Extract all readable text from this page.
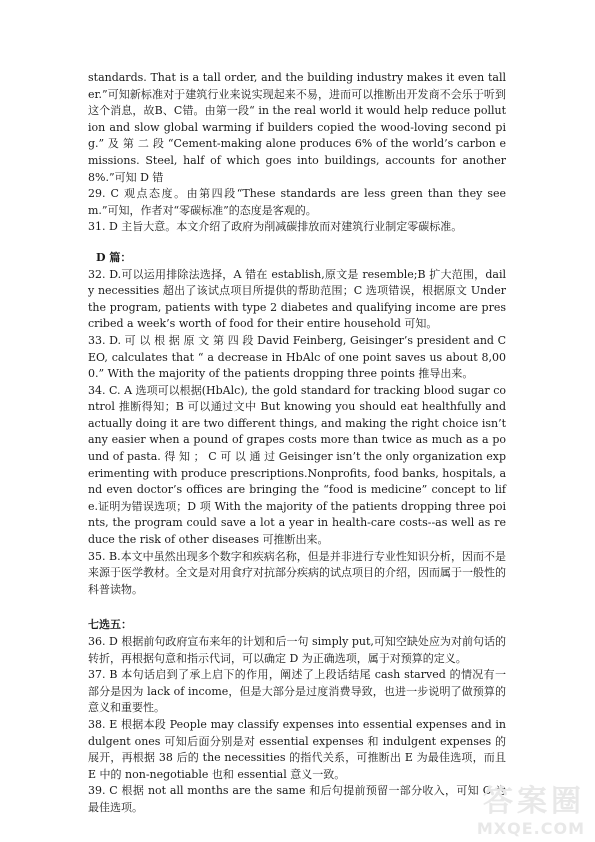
standards. That is a tall order, and the building industry makes it even taller.”可知新标准对于建筑行业来说实现起来不易，进而可以推断出开发商不会乐于听到这个消息，故B、C错。由第一段“ in the real world it would help reduce pollution and slow global warming if builders copied the wood-loving second pig.” 及 第 二 段 “Cement-making alone produces 6% of the world’s carbon emissions. Steel, half of which goes into buildings, accounts for another 8%.”可知 D 错

29. C 观点态度。由第四段“These standards are less green than they seem.”可知，作者对“零碳标准”的态度是客观的。

31. D 主旨大意。本文介绍了政府为削减碳排放而对建筑行业制定零碳标准。

D 篇：

32. D.可以运用排除法选择，A 错在 establish,原文是 resemble;B 扩大范围，daily necessities 超出了该试点项目所提供的帮助范围；C 选项错误，根据原文 Under the program, patients with type 2 diabetes and qualifying income are prescribed a week’s worth of food for their entire household 可知。

33. D. 可 以 根 据 原 文 第 四 段 David Feinberg, Geisinger’s president and CEO, calculates that “ a decrease in HbAlc of one point saves us about 8,000.” With the majority of the patients dropping three points 推导出来。

34. C. A 选项可以根据(HbAlc), the gold standard for tracking blood sugar control 推断得知；B 可以通过文中 But knowing you should eat healthfully and actually doing it are two different things, and making the right choice isn’t any easier when a pound of grapes costs more than twice as much as a pound of pasta. 得 知 ； C 可 以 通 过 Geisinger isn’t the only organization experimenting with produce prescriptions.Nonprofits, food banks, hospitals, and even doctor’s offices are bringing the “food is medicine” concept to life.证明为错误选项；D 项 With the majority of the patients dropping three points, the program could save a lot a year in health-care costs--as well as reduce the risk of other diseases 可推断出来。

35. B.本文中虽然出现多个数字和疾病名称，但是并非进行专业性知识分析，因而不是来源于医学教材。全文是对用食疗对抗部分疾病的试点项目的介绍，因而属于一般性的科普读物。

七选五：

36. D 根据前句政府宣布来年的计划和后一句 simply put,可知空缺处应为对前句话的转折，再根据句意和指示代词，可以确定 D 为正确选项，属于对预算的定义。

37. B 本句话启到了承上启下的作用，阐述了上段话结尾 cash starved 的情况有一部分是因为 lack of income，但是大部分是过度消费导致，也进一步说明了做预算的意义和重要性。

38. E 根据本段 People may classify expenses into essential expenses and indulgent ones 可知后面分别是对 essential expenses 和 indulgent expenses 的展开，再根据 38 后的 the necessities 的指代关系，可推断出 E 为最佳选项，而且 E 中的 non-negotiable 也和 essential 意义一致。

39. C 根据 not all months are the same 和后句提前预留一部分收入，可知 C 为最佳选项。	答案圈
MXQE.COM
